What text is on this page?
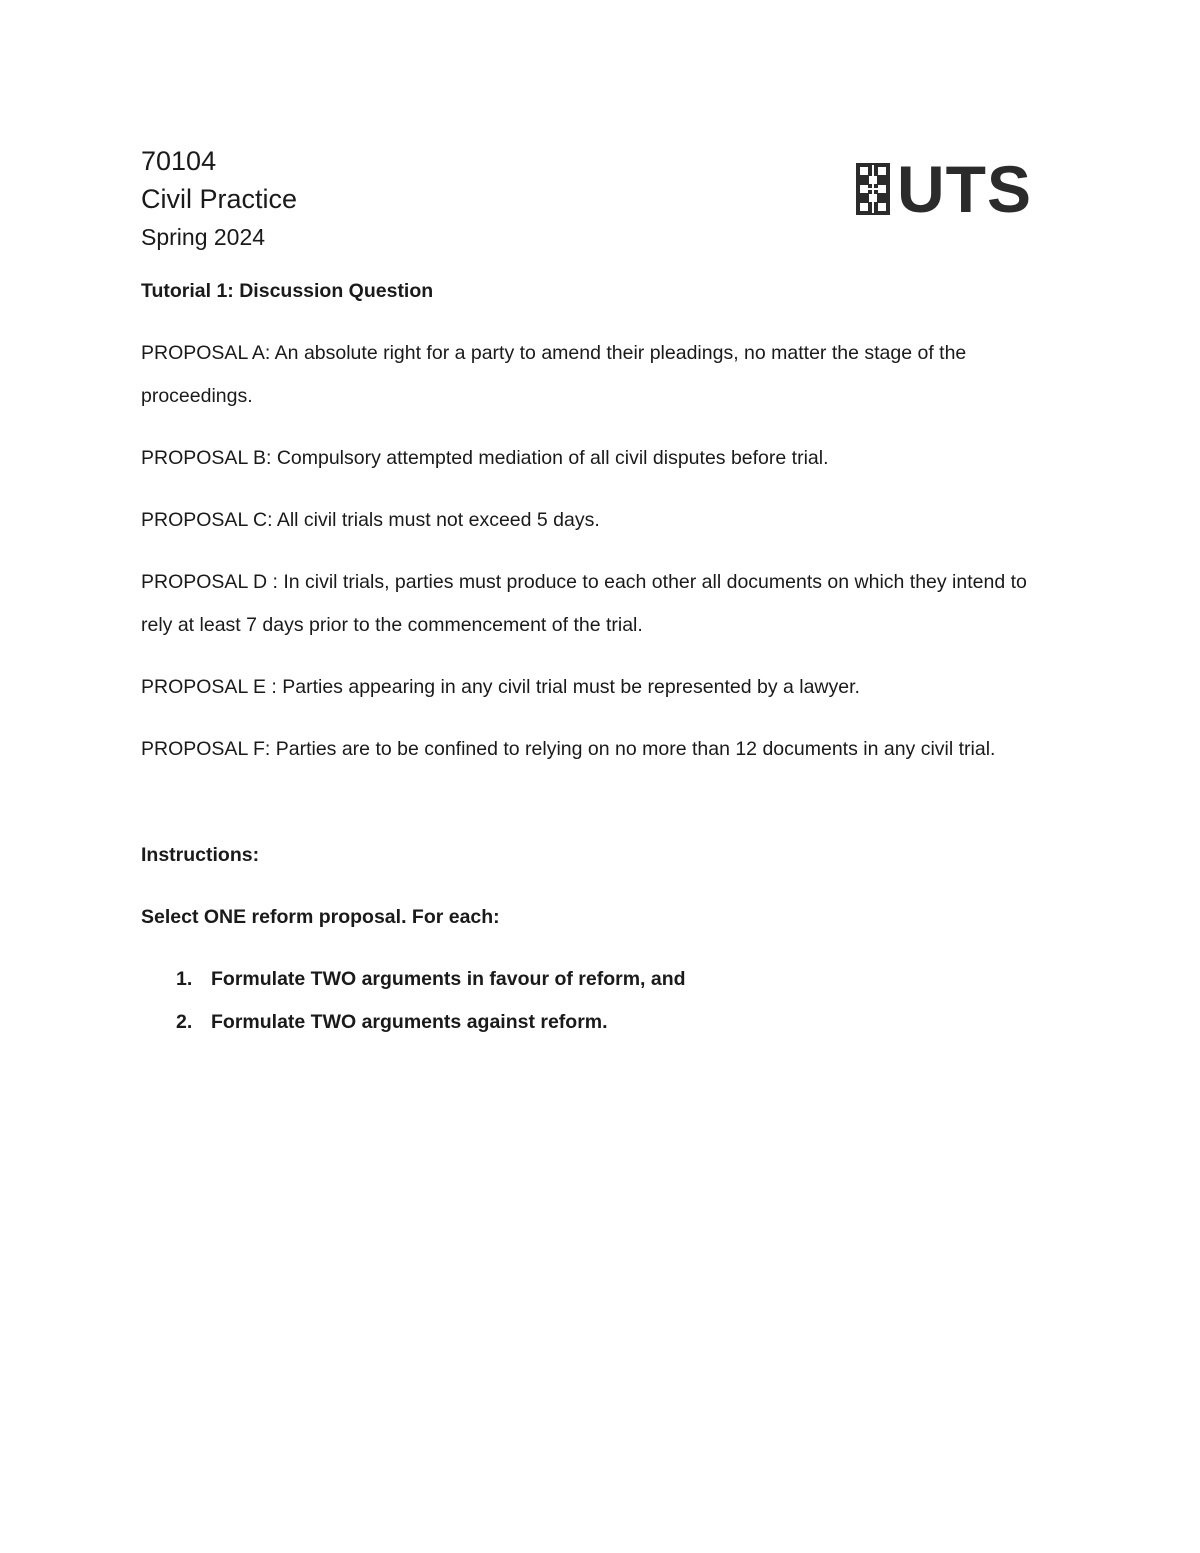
70104

Civil Practice

Spring 2024

UTS

Tutorial 1: Discussion Question

PROPOSAL A: An absolute right for a party to amend their pleadings, no matter the stage of the proceedings.

PROPOSAL B: Compulsory attempted mediation of all civil disputes before trial.

PROPOSAL C: All civil trials must not exceed 5 days.

PROPOSAL D : In civil trials, parties must produce to each other all documents on which they intend to rely at least 7 days prior to the commencement of the trial.

PROPOSAL E : Parties appearing in any civil trial must be represented by a lawyer.

PROPOSAL F: Parties are to be confined to relying on no more than 12 documents in any civil trial.

Instructions:

Select ONE reform proposal. For each:

1. Formulate TWO arguments in favour of reform, and
2. Formulate TWO arguments against reform.
